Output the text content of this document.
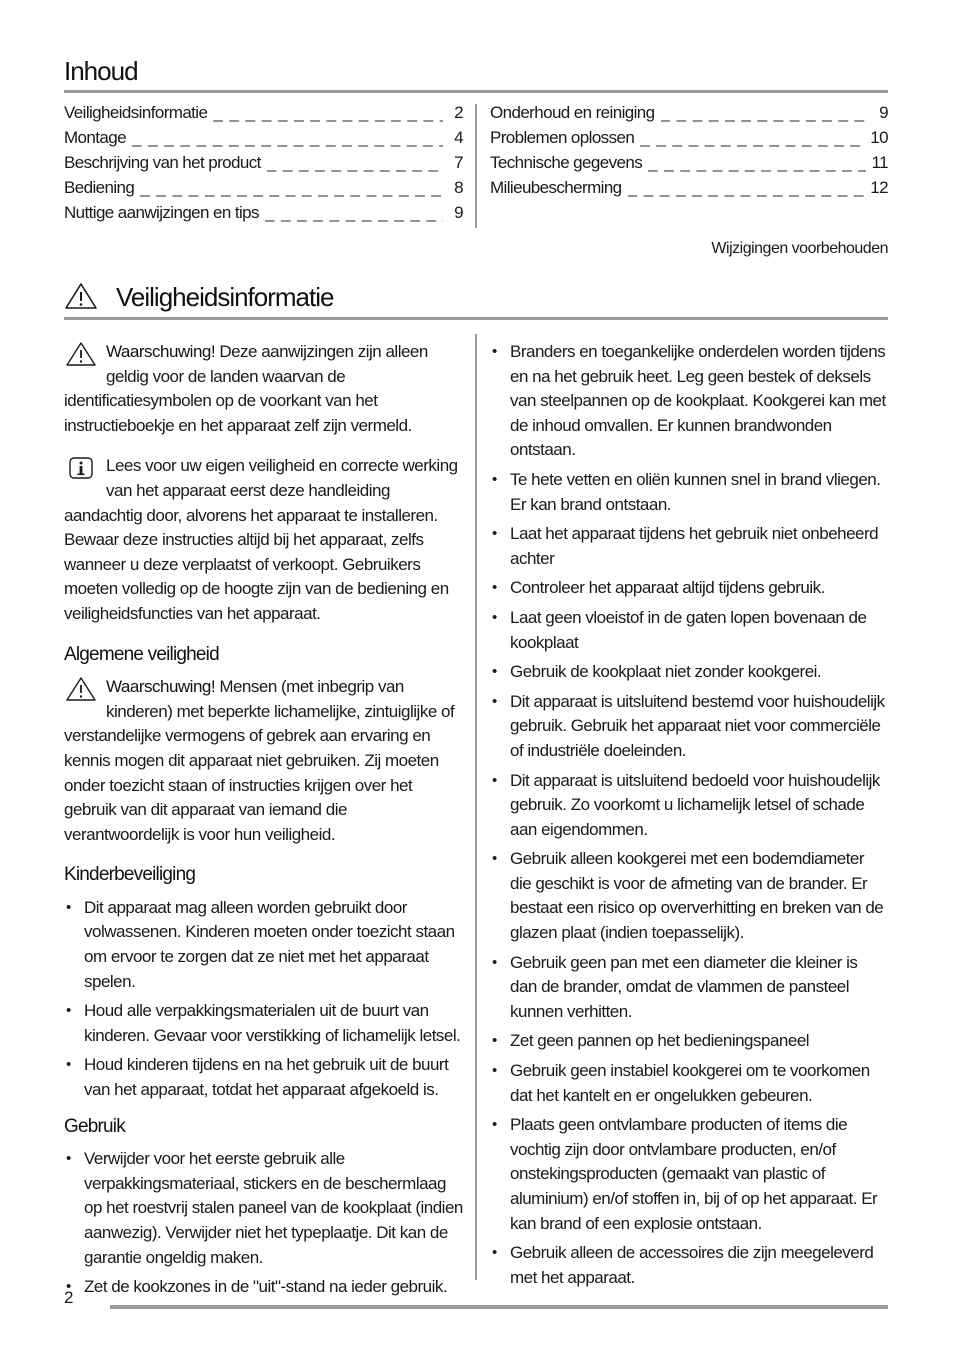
Inhoud
Veiligheidsinformatie _ _ _	2
Montage _ _ _	4
Beschrijving van het product _ _ _	7
Bediening _ _ _	8
Nuttige aanwijzingen en tips _ _ _	9
Onderhoud en reiniging _ _ _	9
Problemen oplossen _ _ _	10
Technische gegevens _ _ _	11
Milieubescherming _ _ _	12
Wijzigingen voorbehouden
Veiligheidsinformatie

Waarschuwing! Deze aanwijzingen zijn alleen geldig voor de landen waarvan de identificatiesymbolen op de voorkant van het instructieboekje en het apparaat zelf zijn vermeld.

Lees voor uw eigen veiligheid en correcte werking van het apparaat eerst deze handleiding aandachtig door, alvorens het apparaat te installeren. Bewaar deze instructies altijd bij het apparaat, zelfs wanneer u deze verplaatst of verkoopt. Gebruikers moeten volledig op de hoogte zijn van de bediening en veiligheidsfuncties van het apparaat.

Algemene veiligheid

Waarschuwing! Mensen (met inbegrip van kinderen) met beperkte lichamelijke, zintuiglijke of verstandelijke vermogens of gebrek aan ervaring en kennis mogen dit apparaat niet gebruiken. Zij moeten onder toezicht staan of instructies krijgen over het gebruik van dit apparaat van iemand die verantwoordelijk is voor hun veiligheid.

Kinderbeveiliging
• Dit apparaat mag alleen worden gebruikt door volwassenen. Kinderen moeten onder toezicht staan om ervoor te zorgen dat ze niet met het apparaat spelen.
• Houd alle verpakkingsmaterialen uit de buurt van kinderen. Gevaar voor verstikking of lichamelijk letsel.
• Houd kinderen tijdens en na het gebruik uit de buurt van het apparaat, totdat het apparaat afgekoeld is.
Gebruik
• Verwijder voor het eerste gebruik alle verpakkingsmateriaal, stickers en de beschermlaag op het roestvrij stalen paneel van de kookplaat (indien aanwezig). Verwijder niet het typeplaatje. Dit kan de garantie ongeldig maken.
• Zet de kookzones in de "uit"-stand na ieder gebruik.
• Branders en toegankelijke onderdelen worden tijdens en na het gebruik heet. Leg geen bestek of deksels van steelpannen op de kookplaat. Kookgerei kan met de inhoud omvallen. Er kunnen brandwonden ontstaan.
• Te hete vetten en oliën kunnen snel in brand vliegen. Er kan brand ontstaan.
• Laat het apparaat tijdens het gebruik niet onbeheerd achter
• Controleer het apparaat altijd tijdens gebruik.
• Laat geen vloeistof in de gaten lopen bovenaan de kookplaat
• Gebruik de kookplaat niet zonder kookgerei.
• Dit apparaat is uitsluitend bestemd voor huishoudelijk gebruik. Gebruik het apparaat niet voor commerciële of industriële doeleinden.
• Dit apparaat is uitsluitend bedoeld voor huishoudelijk gebruik. Zo voorkomt u lichamelijk letsel of schade aan eigendommen.
• Gebruik alleen kookgerei met een bodemdiameter die geschikt is voor de afmeting van de brander. Er bestaat een risico op oververhitting en breken van de glazen plaat (indien toepasselijk).
• Gebruik geen pan met een diameter die kleiner is dan de brander, omdat de vlammen de pansteel kunnen verhitten.
• Zet geen pannen op het bedieningspaneel
• Gebruik geen instabiel kookgerei om te voorkomen dat het kantelt en er ongelukken gebeuren.
• Plaats geen ontvlambare producten of items die vochtig zijn door ontvlambare producten, en/of onstekingsproducten (gemaakt van plastic of aluminium) en/of stoffen in, bij of op het apparaat. Er kan brand of een explosie ontstaan.
• Gebruik alleen de accessoires die zijn meegeleverd met het apparaat.
2
